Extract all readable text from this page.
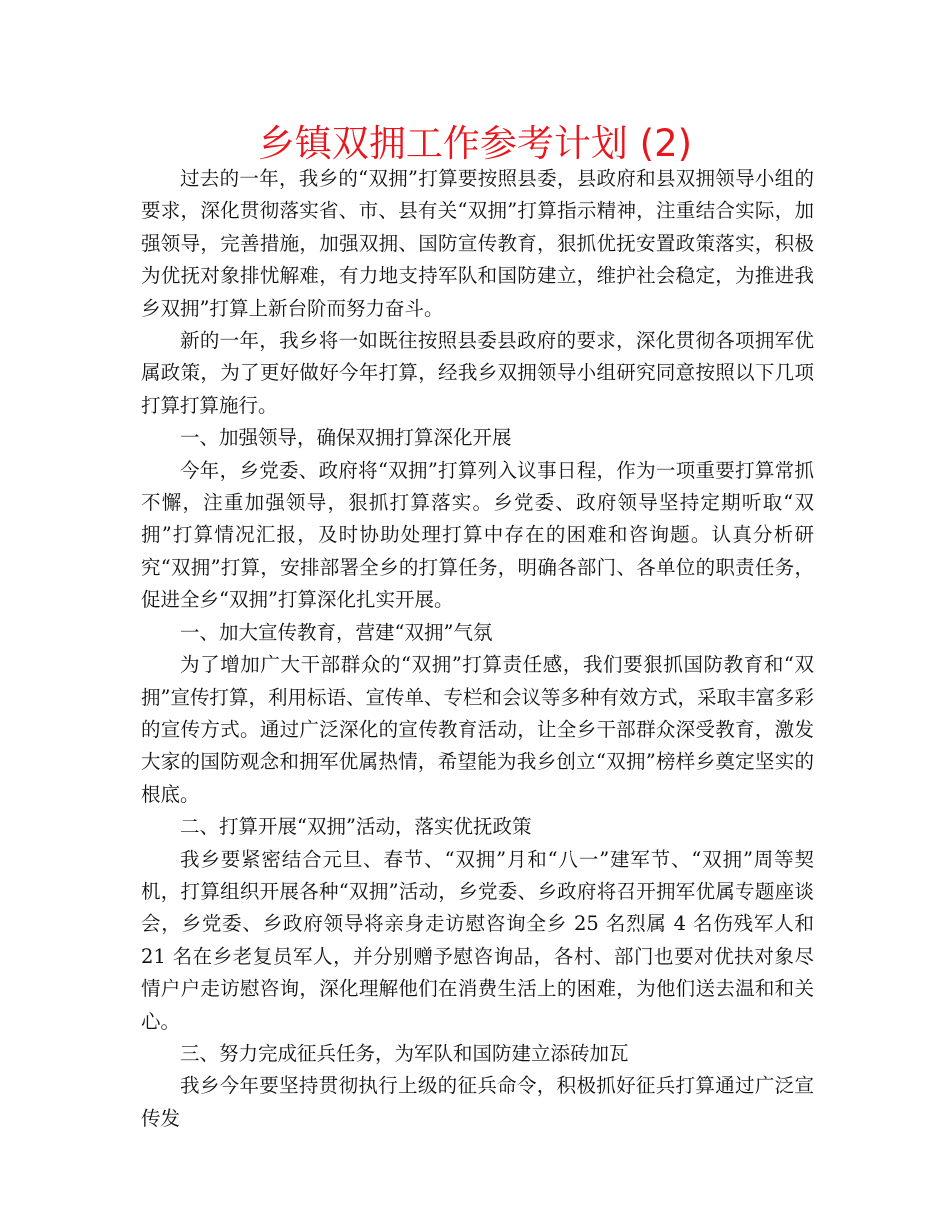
乡镇双拥工作参考计划 (2)

过去的一年，我乡的“双拥”打算要按照县委，县政府和县双拥领导小组的要求，深化贯彻落实省、市、县有关“双拥”打算指示精神，注重结合实际，加强领导，完善措施，加强双拥、国防宣传教育，狠抓优抚安置政策落实，积极为优抚对象排忧解难，有力地支持军队和国防建立，维护社会稳定，为推进我乡双拥”打算上新台阶而努力奋斗。

新的一年，我乡将一如既往按照县委县政府的要求，深化贯彻各项拥军优属政策，为了更好做好今年打算，经我乡双拥领导小组研究同意按照以下几项打算打算施行。

一、加强领导，确保双拥打算深化开展

今年，乡党委、政府将“双拥”打算列入议事日程，作为一项重要打算常抓不懈，注重加强领导，狠抓打算落实。乡党委、政府领导坚持定期听取“双拥”打算情况汇报，及时协助处理打算中存在的困难和咨询题。认真分析研究“双拥”打算，安排部署全乡的打算任务，明确各部门、各单位的职责任务，促进全乡“双拥”打算深化扎实开展。

一、加大宣传教育，营建“双拥”气氛

为了增加广大干部群众的“双拥”打算责任感，我们要狠抓国防教育和“双拥”宣传打算，利用标语、宣传单、专栏和会议等多种有效方式，采取丰富多彩的宣传方式。通过广泛深化的宣传教育活动，让全乡干部群众深受教育，激发大家的国防观念和拥军优属热情，希望能为我乡创立“双拥”榜样乡奠定坚实的根底。

二、打算开展“双拥”活动，落实优抚政策

我乡要紧密结合元旦、春节、“双拥”月和“八一”建军节、“双拥”周等契机，打算组织开展各种“双拥”活动，乡党委、乡政府将召开拥军优属专题座谈会，乡党委、乡政府领导将亲身走访慰咨询全乡 25 名烈属 4 名伤残军人和 21 名在乡老复员军人，并分别赠予慰咨询品，各村、部门也要对优扶对象尽情户户走访慰咨询，深化理解他们在消费生活上的困难，为他们送去温和和关心。

三、努力完成征兵任务，为军队和国防建立添砖加瓦

我乡今年要坚持贯彻执行上级的征兵命令，积极抓好征兵打算通过广泛宣传发
